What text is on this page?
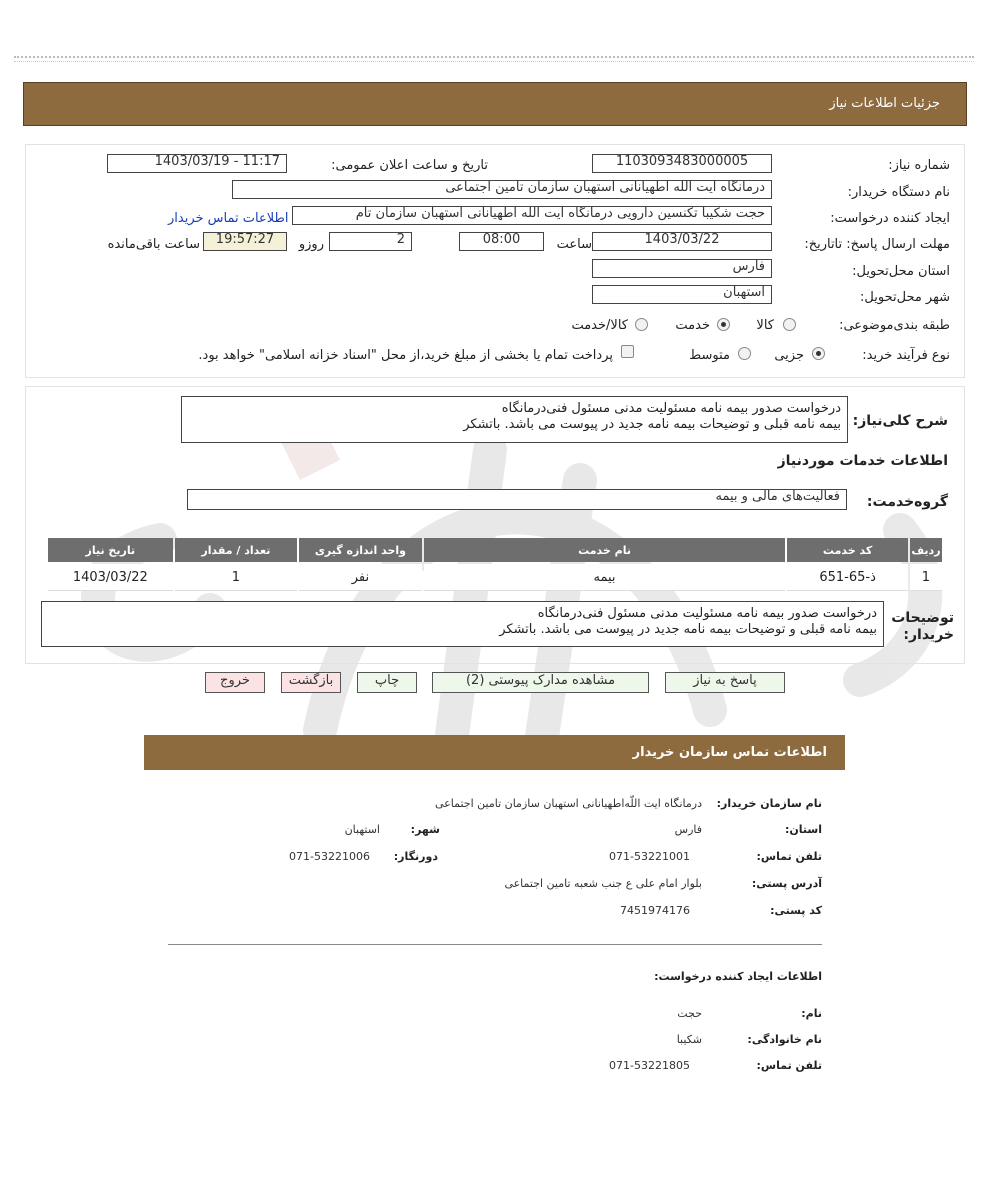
جزئیات اطلاعات نیاز
شماره نیاز:
1103093483000005
تاریخ و ساعت اعلان عمومی:
1403/03/19 - 11:17
نام دستگاه خریدار:
درمانگاه ایت الله اطهیانانی استهبان سازمان تامین اجتماعی
ایجاد کننده درخواست:
حجت شکیبا تکنسین دارویی درمانگاه ایت الله اطهیانانی استهبان سازمان تام
اطلاعات تماس خریدار
مهلت ارسال پاسخ: تاتاریخ:
1403/03/22
ساعت
08:00
2
روزو
19:57:27
ساعت باقی‌مانده
استان محل‌تحویل:
فارس
شهر محل‌تحویل:
استهبان
طبقه بندی‌موضوعی:
کالا
خدمت
کالا/خدمت
نوع فرآیند خرید:
جزیی
متوسط
پرداخت تمام یا بخشی از مبلغ خرید،از محل "اسناد خزانه اسلامی" خواهد بود.
شرح کلی‌نیاز:
درخواست صدور بیمه نامه مسئولیت مدنی مسئول فنی‌درمانگاه
بیمه نامه قبلی و توضیحات بیمه نامه جدید در پیوست می باشد. باتشکر
اطلاعات خدمات موردنیاز
گروه‌خدمت:
فعالیت‌های مالی و بیمه
ردیف	کد خدمت	نام خدمت	واحد اندازه گیری	تعداد / مقدار	تاریخ نیاز
1	ذ-65-651	بیمه	نفر	1	1403/03/22
توضیحات
خریدار:
درخواست صدور بیمه نامه مسئولیت مدنی مسئول فنی‌درمانگاه
بیمه نامه قبلی و توضیحات بیمه نامه جدید در پیوست می باشد. باتشکر
پاسخ به نیاز
مشاهده مدارک پیوستی (2)
چاپ
بازگشت
خروج
اطلاعات تماس سازمان خریدار
نام سازمان خریدار:
درمانگاه ایت اللّه‌اطهیانانی استهبان سازمان تامین اجتماعی
استان:
فارس
شهر:
استهبان
تلفن تماس:
071-53221001
دورنگار:
071-53221006
آدرس پستی:
بلوار امام علی ع جنب شعبه تامین اجتماعی
کد پستی:
7451974176
اطلاعات ایجاد کننده درخواست:
نام:
حجت
نام خانوادگی:
شکیبا
تلفن تماس:
071-53221805
